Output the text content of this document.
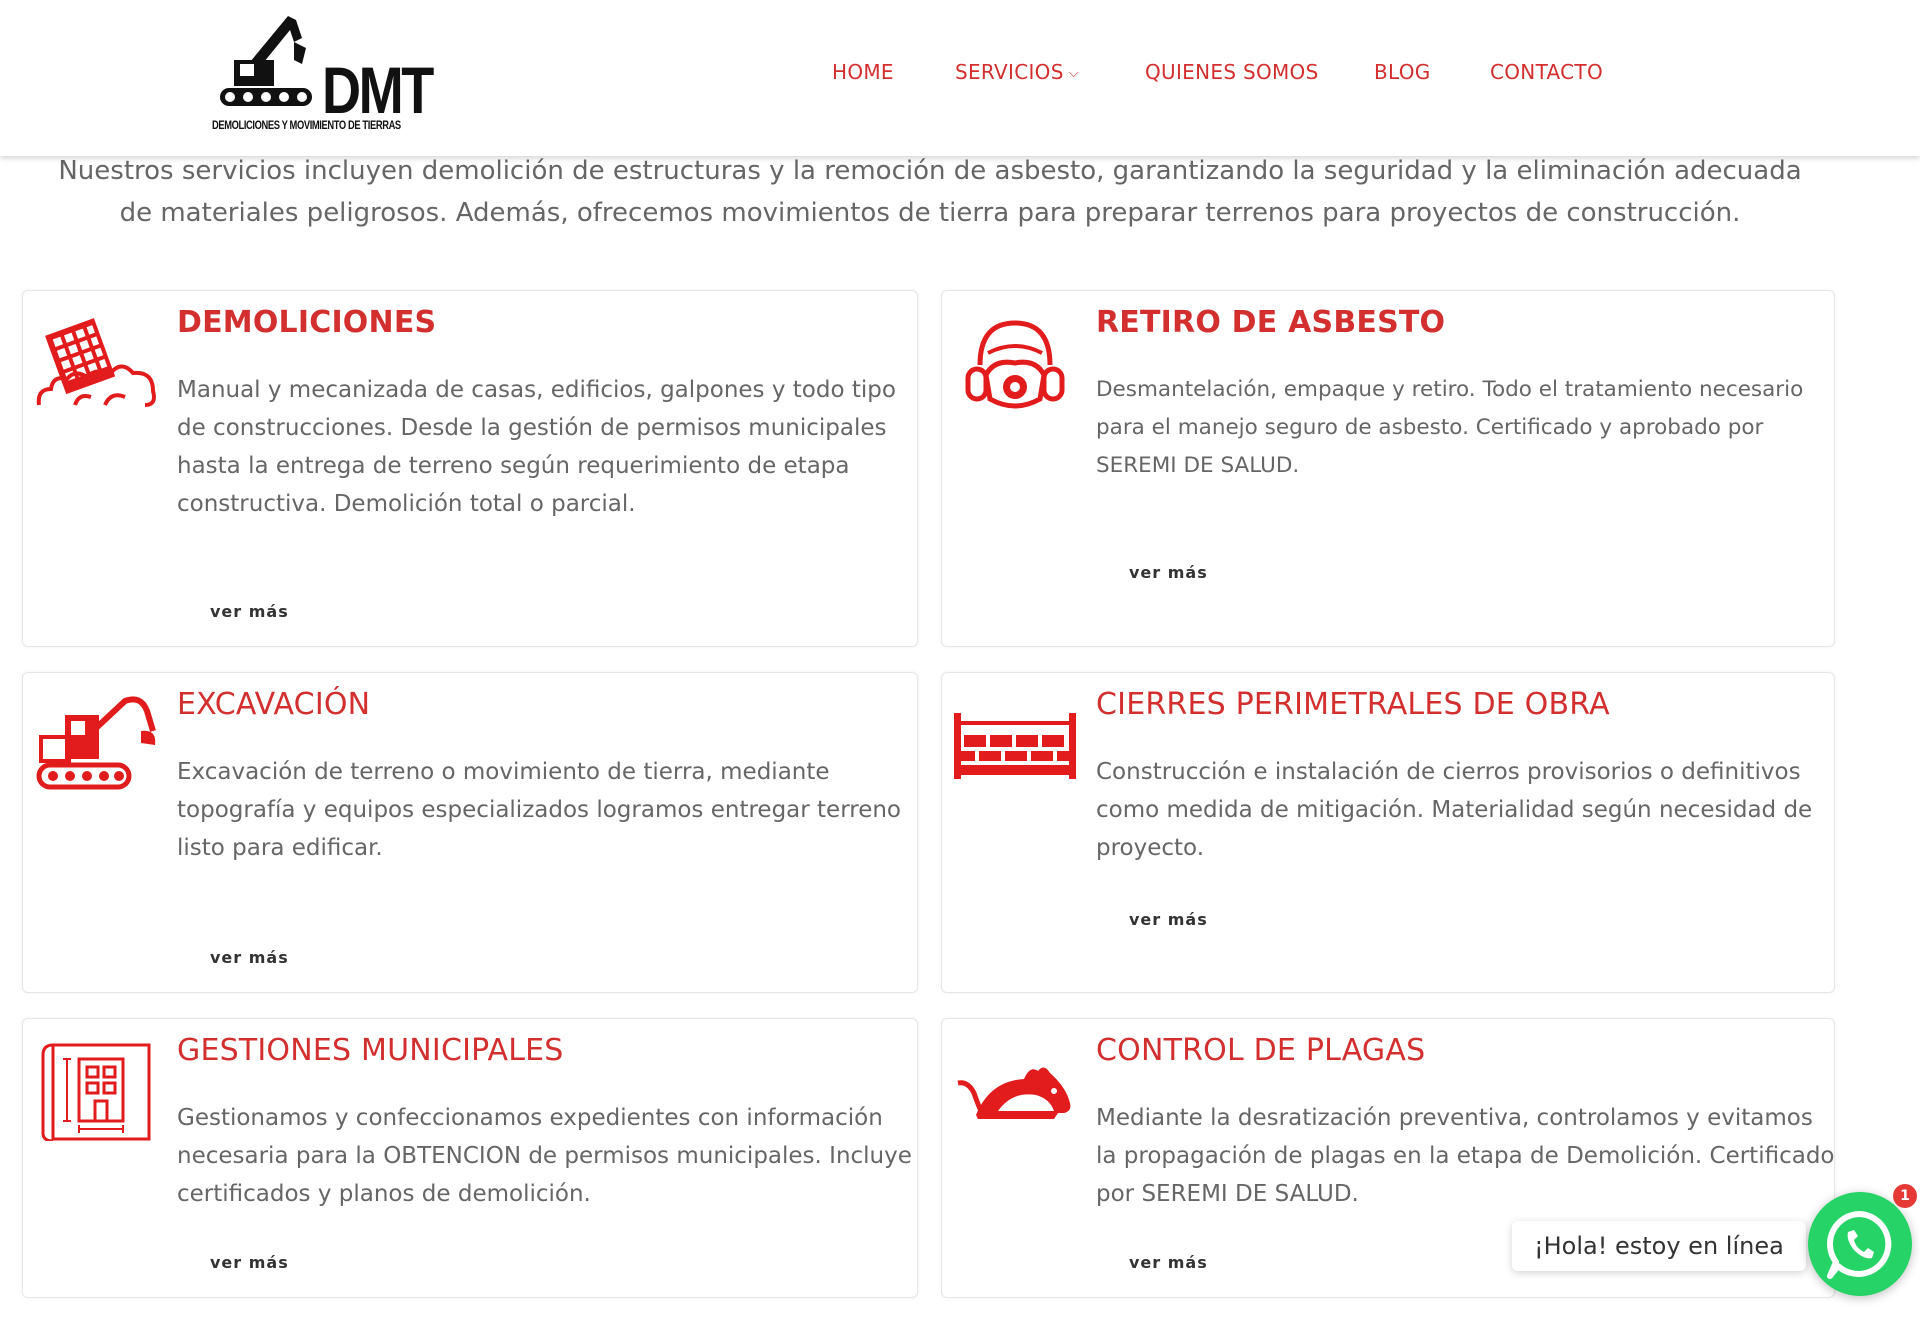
DMT
DEMOLICIONES Y MOVIMIENTO DE TIERRAS
HOME	SERVICIOS ⌵	QUIENES SOMOS	BLOG	CONTACTO
Nuestros servicios incluyen demolición de estructuras y la remoción de asbesto, garantizando la seguridad y la eliminación adecuada
de materiales peligrosos. Además, ofrecemos movimientos de tierra para preparar terrenos para proyectos de construcción.
DEMOLICIONES
Manual y mecanizada de casas, edificios, galpones y todo tipo de construcciones. Desde la gestión de permisos municipales hasta la entrega de terreno según requerimiento de etapa constructiva. Demolición total o parcial.
ver más
RETIRO DE ASBESTO
Desmantelación, empaque y retiro. Todo el tratamiento necesario para el manejo seguro de asbesto. Certificado y aprobado por SEREMI DE SALUD.
ver más
EXCAVACIÓN
Excavación de terreno o movimiento de tierra, mediante topografía y equipos especializados logramos entregar terreno listo para edificar.
ver más
CIERRES PERIMETRALES DE OBRA
Construcción e instalación de cierros provisorios o definitivos como medida de mitigación. Materialidad según necesidad de proyecto.
ver más
GESTIONES MUNICIPALES
Gestionamos y confeccionamos expedientes con información necesaria para la OBTENCION de permisos municipales. Incluye certificados y planos de demolición.
ver más
CONTROL DE PLAGAS
Mediante la desratización preventiva, controlamos y evitamos la propagación de plagas en la etapa de Demolición. Certificado por SEREMI DE SALUD.
ver más
¡Hola! estoy en línea
1
